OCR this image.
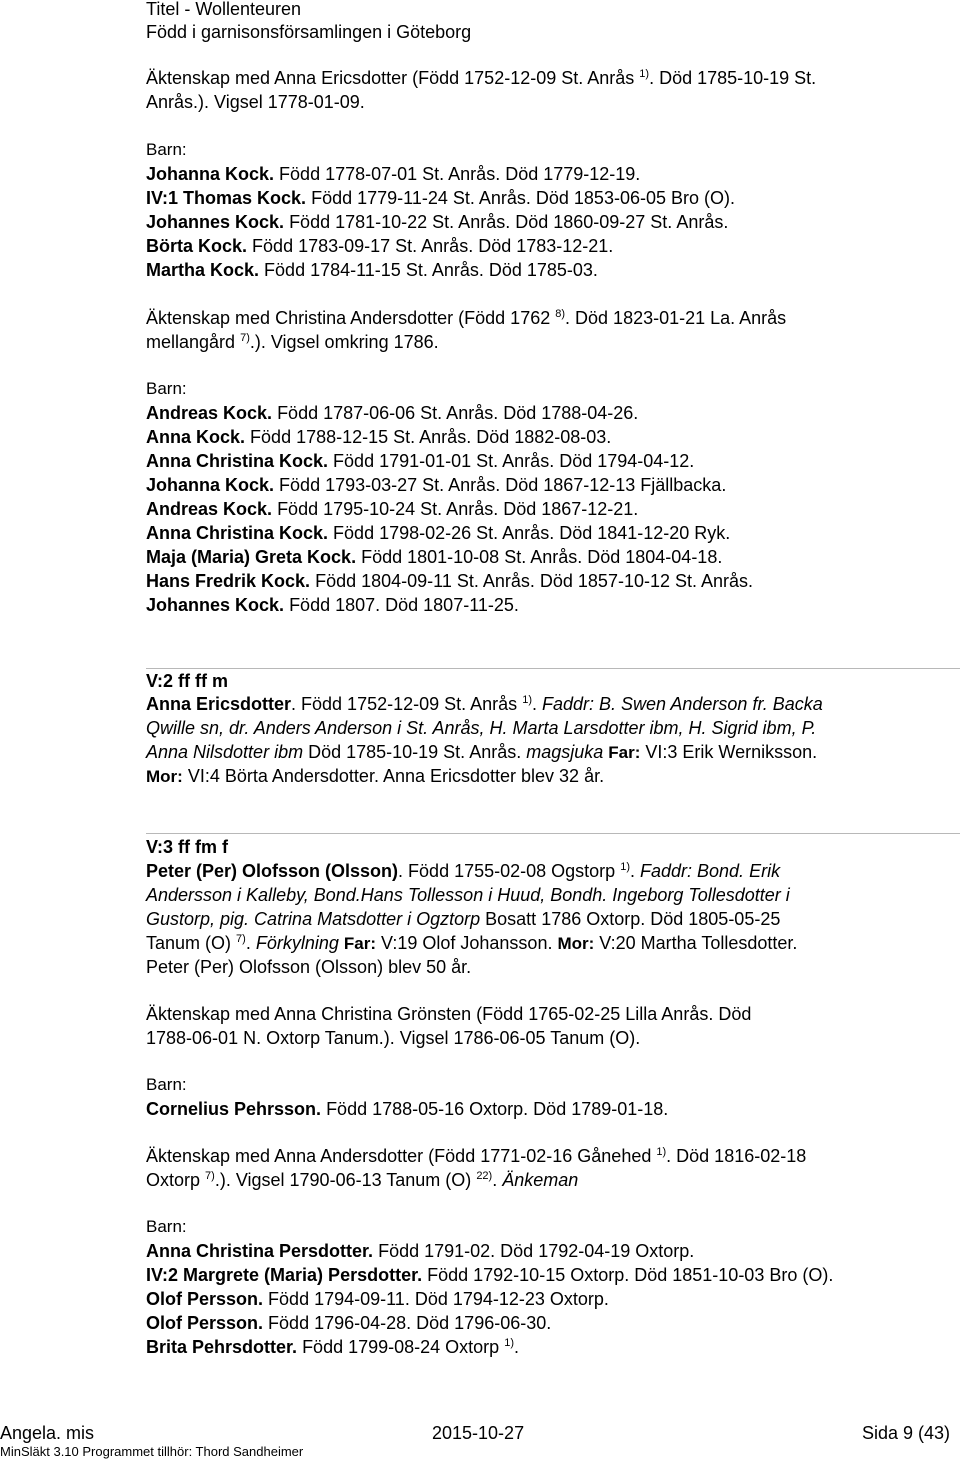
Titel - Wollenteuren
Född i garnisonsförsamlingen i Göteborg
Äktenskap med Anna Ericsdotter (Född 1752-12-09 St. Anrås $^{1)}$. Död 1785-10-19 St.
Anrås.). Vigsel 1778-01-09.
Barn:
Johanna Kock. Född 1778-07-01 St. Anrås. Död 1779-12-19.
IV:1 Thomas Kock. Född 1779-11-24 St. Anrås. Död 1853-06-05 Bro (O).
Johannes Kock. Född 1781-10-22 St. Anrås. Död 1860-09-27 St. Anrås.
Börta Kock. Född 1783-09-17 St. Anrås. Död 1783-12-21.
Martha Kock. Född 1784-11-15 St. Anrås. Död 1785-03.
Äktenskap med Christina Andersdotter (Född 1762 $^{8)}$. Död 1823-01-21 La. Anrås
mellangård $^{7)}$.). Vigsel omkring 1786.
Barn:
Andreas Kock. Född 1787-06-06 St. Anrås. Död 1788-04-26.
Anna Kock. Född 1788-12-15 St. Anrås. Död 1882-08-03.
Anna Christina Kock. Född 1791-01-01 St. Anrås. Död 1794-04-12.
Johanna Kock. Född 1793-03-27 St. Anrås. Död 1867-12-13 Fjällbacka.
Andreas Kock. Född 1795-10-24 St. Anrås. Död 1867-12-21.
Anna Christina Kock. Född 1798-02-26 St. Anrås. Död 1841-12-20 Ryk.
Maja (Maria) Greta Kock. Född 1801-10-08 St. Anrås. Död 1804-04-18.
Hans Fredrik Kock. Född 1804-09-11 St. Anrås. Död 1857-10-12 St. Anrås.
Johannes Kock. Född 1807. Död 1807-11-25.
V:2 ff ff m
Anna Ericsdotter. Född 1752-12-09 St. Anrås $^{1)}$. Faddr: B. Swen Anderson fr. Backa
Qwille sn, dr. Anders Anderson i St. Anrås, H. Marta Larsdotter ibm, H. Sigrid ibm, P.
Anna Nilsdotter ibm Död 1785-10-19 St. Anrås. magsjuka Far: VI:3 Erik Werniksson.
Mor: VI:4 Börta Andersdotter. Anna Ericsdotter blev 32 år.
V:3 ff fm f
Peter (Per) Olofsson (Olsson). Född 1755-02-08 Ogstorp $^{1)}$. Faddr: Bond. Erik
Andersson i Kalleby, Bond.Hans Tollesson i Huud, Bondh. Ingeborg Tollesdotter i
Gustorp, pig. Catrina Matsdotter i Ogztorp Bosatt 1786 Oxtorp. Död 1805-05-25
Tanum (O) $^{7)}$. Förkylning Far: V:19 Olof Johansson. Mor: V:20 Martha Tollesdotter.
Peter (Per) Olofsson (Olsson) blev 50 år.
Äktenskap med Anna Christina Grönsten (Född 1765-02-25 Lilla Anrås. Död
1788-06-01 N. Oxtorp Tanum.). Vigsel 1786-06-05 Tanum (O).
Barn:
Cornelius Pehrsson. Född 1788-05-16 Oxtorp. Död 1789-01-18.
Äktenskap med Anna Andersdotter (Född 1771-02-16 Gånehed $^{1)}$. Död 1816-02-18
Oxtorp $^{7)}$.). Vigsel 1790-06-13 Tanum (O) $^{22)}$. Änkeman
Barn:
Anna Christina Persdotter. Född 1791-02. Död 1792-04-19 Oxtorp.
IV:2 Margrete (Maria) Persdotter. Född 1792-10-15 Oxtorp. Död 1851-10-03 Bro (O).
Olof Persson. Född 1794-09-11. Död 1794-12-23 Oxtorp.
Olof Persson. Född 1796-04-28. Död 1796-06-30.
Brita Pehrsdotter. Född 1799-08-24 Oxtorp $^{1)}$.
Angela. mis	2015-10-27	Sida 9 (43)
MinSläkt 3.10 Programmet tillhör: Thord Sandheimer
